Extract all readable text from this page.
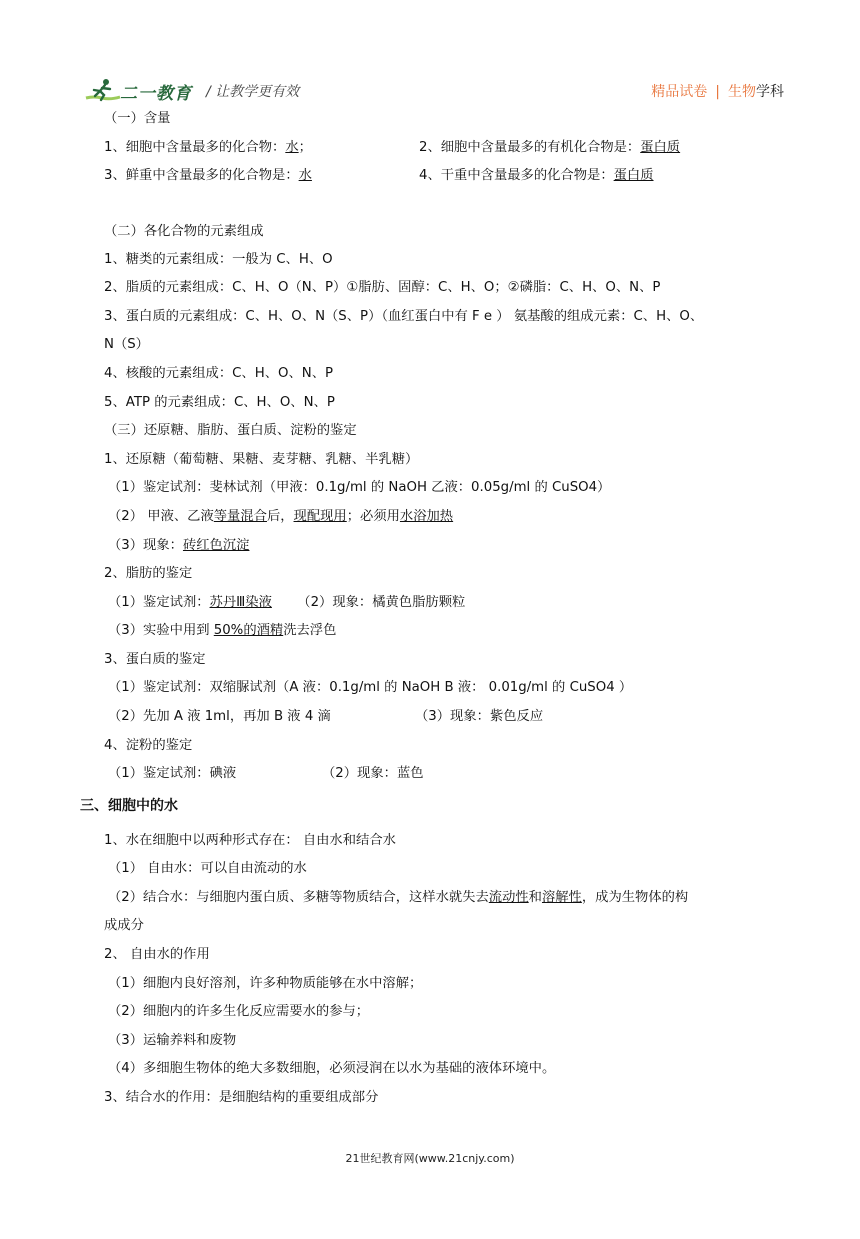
二一教育 / 让教学更有效	精品试卷 | 生物学科
（一）含量
1、细胞中含量最多的化合物：水；	2、细胞中含量最多的有机化合物是：蛋白质
3、鲜重中含量最多的化合物是：水	4、干重中含量最多的化合物是：蛋白质
（二）各化合物的元素组成
1、糖类的元素组成：一般为 C、H、O
2、脂质的元素组成：C、H、O（N、P）①脂肪、固醇：C、H、O；②磷脂：C、H、O、N、P
3、蛋白质的元素组成：C、H、O、N（S、P）（血红蛋白中有 F e ） 氨基酸的组成元素：C、H、O、
N（S）
4、核酸的元素组成：C、H、O、N、P
5、ATP 的元素组成：C、H、O、N、P
（三）还原糖、脂肪、蛋白质、淀粉的鉴定
1、还原糖（葡萄糖、果糖、麦芽糖、乳糖、半乳糖）
（1）鉴定试剂：斐林试剂（甲液：0.1g/ml 的 NaOH 乙液：0.05g/ml 的 CuSO4）
（2） 甲液、乙液等量混合后，现配现用；必须用水浴加热
（3）现象：砖红色沉淀
2、脂肪的鉴定
（1）鉴定试剂：苏丹Ⅲ染液      （2）现象：橘黄色脂肪颗粒
（3）实验中用到 50%的酒精洗去浮色
3、蛋白质的鉴定
（1）鉴定试剂：双缩脲试剂（A 液：0.1g/ml 的 NaOH B 液： 0.01g/ml 的 CuSO4 ）
（2）先加 A 液 1ml，再加 B 液 4 滴	（3）现象：紫色反应
4、淀粉的鉴定
（1）鉴定试剂：碘液	（2）现象：蓝色
三、细胞中的水
1、水在细胞中以两种形式存在： 自由水和结合水
（1） 自由水：可以自由流动的水
（2）结合水：与细胞内蛋白质、多糖等物质结合，这样水就失去流动性和溶解性，成为生物体的构
成成分
2、 自由水的作用
（1）细胞内良好溶剂，许多种物质能够在水中溶解；
（2）细胞内的许多生化反应需要水的参与；
（3）运输养料和废物
（4）多细胞生物体的绝大多数细胞，必须浸润在以水为基础的液体环境中。
3、结合水的作用：是细胞结构的重要组成部分
21世纪教育网(www.21cnjy.com)
